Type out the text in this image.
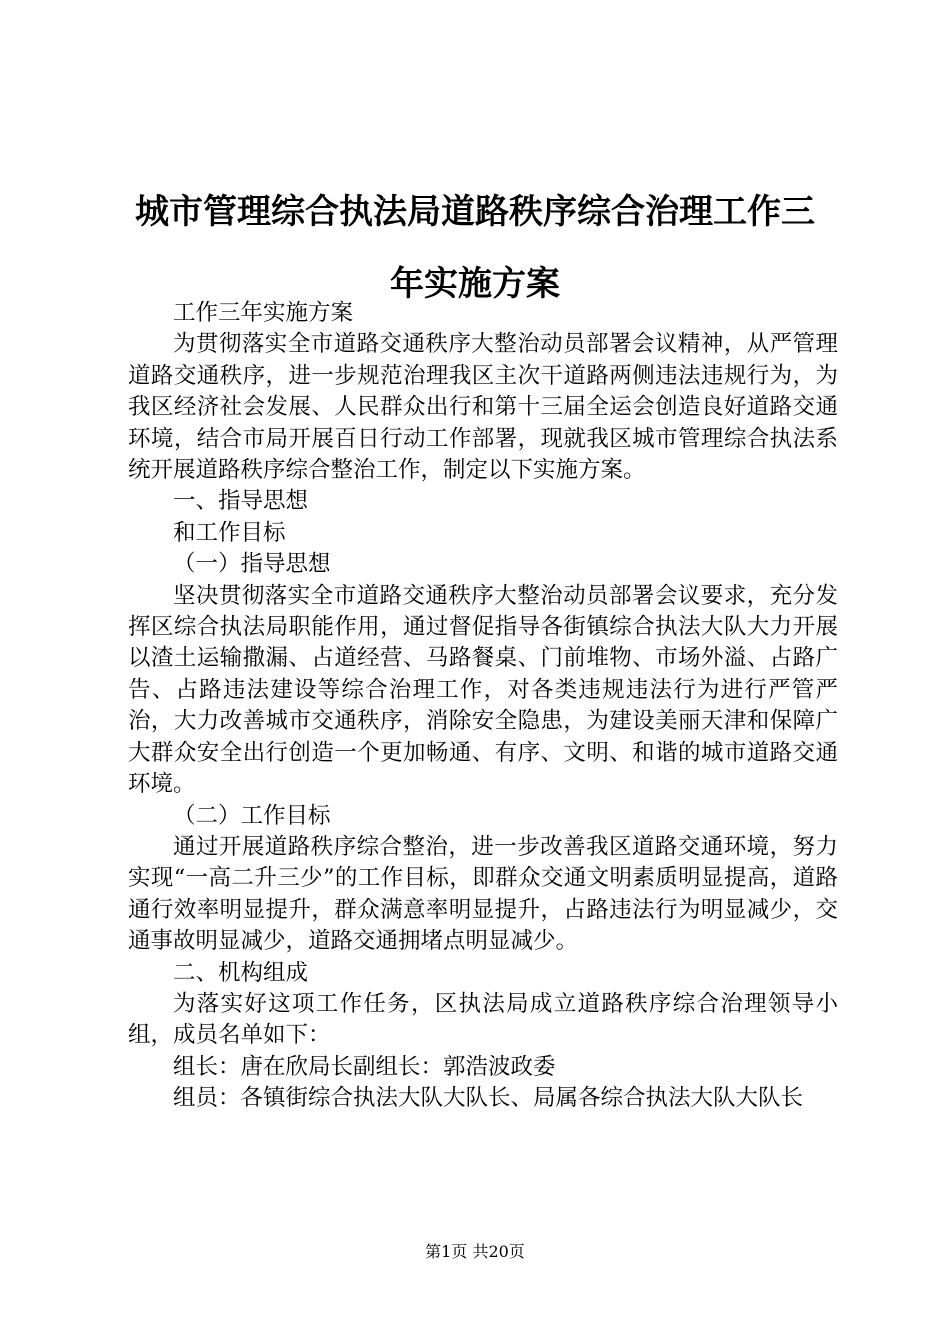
城市管理综合执法局道路秩序综合治理工作三年实施方案

工作三年实施方案

为贯彻落实全市道路交通秩序大整治动员部署会议精神，从严管理道路交通秩序，进一步规范治理我区主次干道路两侧违法违规行为，为我区经济社会发展、人民群众出行和第十三届全运会创造良好道路交通环境，结合市局开展百日行动工作部署，现就我区城市管理综合执法系统开展道路秩序综合整治工作，制定以下实施方案。

一、指导思想

和工作目标

（一）指导思想

坚决贯彻落实全市道路交通秩序大整治动员部署会议要求，充分发挥区综合执法局职能作用，通过督促指导各街镇综合执法大队大力开展以渣土运输撒漏、占道经营、马路餐桌、门前堆物、市场外溢、占路广告、占路违法建设等综合治理工作，对各类违规违法行为进行严管严治，大力改善城市交通秩序，消除安全隐患，为建设美丽天津和保障广大群众安全出行创造一个更加畅通、有序、文明、和谐的城市道路交通环境。

（二）工作目标

通过开展道路秩序综合整治，进一步改善我区道路交通环境，努力实现“一高二升三少”的工作目标，即群众交通文明素质明显提高，道路通行效率明显提升，群众满意率明显提升，占路违法行为明显减少，交通事故明显减少，道路交通拥堵点明显减少。

二、机构组成

为落实好这项工作任务，区执法局成立道路秩序综合治理领导小组，成员名单如下：

组长：唐在欣局长副组长：郭浩波政委

组员：各镇街综合执法大队大队长、局属各综合执法大队大队长

第1页 共20页
